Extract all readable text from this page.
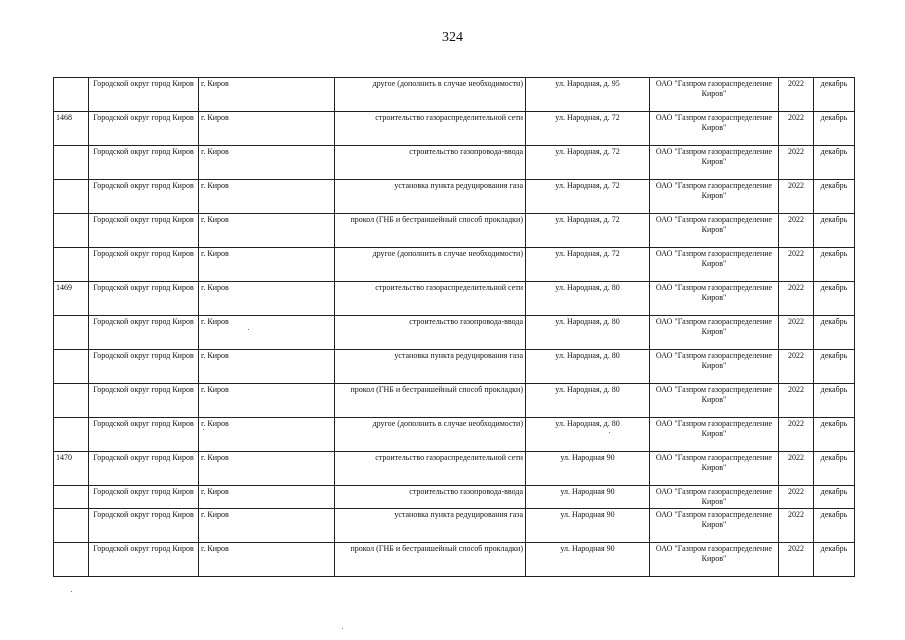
324
	Городской округ город Киров	г. Киров	другое (дополнить в случае необходимости)	ул. Народная, д. 95	ОАО "Газпром газораспределение Киров"	2022	декабрь
1468	Городской округ город Киров	г. Киров	строительство газораспределительной сети	ул. Народная, д. 72	ОАО "Газпром газораспределение Киров"	2022	декабрь
	Городской округ город Киров	г. Киров	строительство газопровода-ввода	ул. Народная, д. 72	ОАО "Газпром газораспределение Киров"	2022	декабрь
	Городской округ город Киров	г. Киров	установка пункта редуцирования газа	ул. Народная, д. 72	ОАО "Газпром газораспределение Киров"	2022	декабрь
	Городской округ город Киров	г. Киров	прокол (ГНБ и бестраншейный способ прокладки)	ул. Народная, д. 72	ОАО "Газпром газораспределение Киров"	2022	декабрь
	Городской округ город Киров	г. Киров	другое (дополнить в случае необходимости)	ул. Народная, д. 72	ОАО "Газпром газораспределение Киров"	2022	декабрь
1469	Городской округ город Киров	г. Киров	строительство газораспределительной сети	ул. Народная, д. 80	ОАО "Газпром газораспределение Киров"	2022	декабрь
	Городской округ город Киров	г. Киров	строительство газопровода-ввода	ул. Народная, д. 80	ОАО "Газпром газораспределение Киров"	2022	декабрь
	Городской округ город Киров	г. Киров	установка пункта редуцирования газа	ул. Народная, д. 80	ОАО "Газпром газораспределение Киров"	2022	декабрь
	Городской округ город Киров	г. Киров	прокол (ГНБ и бестраншейный способ прокладки)	ул. Народная, д. 80	ОАО "Газпром газораспределение Киров"	2022	декабрь
	Городской округ город Киров	г. Киров	другое (дополнить в случае необходимости)	ул. Народная, д. 80	ОАО "Газпром газораспределение Киров"	2022	декабрь
1470	Городской округ город Киров	г. Киров	строительство газораспределительной сети	ул. Народная 90	ОАО "Газпром газораспределение Киров"	2022	декабрь
	Городской округ город Киров	г. Киров	строительство газопровода-ввода	ул. Народная 90	ОАО "Газпром газораспределение Киров"	2022	декабрь
	Городской округ город Киров	г. Киров	установка пункта редуцирования газа	ул. Народная 90	ОАО "Газпром газораспределение Киров"	2022	декабрь
	Городской округ город Киров	г. Киров	прокол (ГНБ и бестраншейный способ прокладки)	ул. Народная 90	ОАО "Газпром газораспределение Киров"	2022	декабрь
